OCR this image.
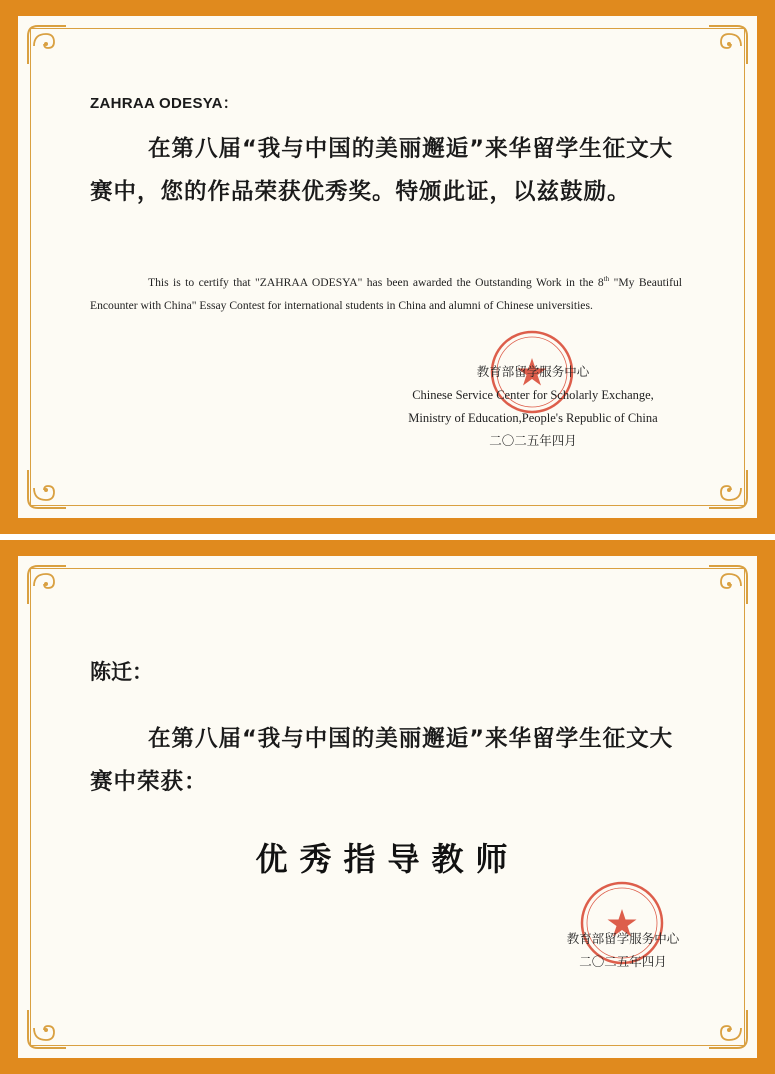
ZAHRAA ODESYA：
在第八届“我与中国的美丽邂逅”来华留学生征文大赛中，您的作品荣获优秀奖。特颁此证，以兹鼓励。
This is to certify that "ZAHRAA ODESYA" has been awarded the Outstanding Work in the 8th "My Beautiful Encounter with China" Essay Contest for international students in China and alumni of Chinese universities.
教育部留学服务中心
Chinese Service Center for Scholarly Exchange,
Ministry of Education,People's Republic of China
二〇二五年四月
陈迁：
在第八届“我与中国的美丽邂逅”来华留学生征文大赛中荣获：
优秀指导教师
教育部留学服务中心
二〇二五年四月
